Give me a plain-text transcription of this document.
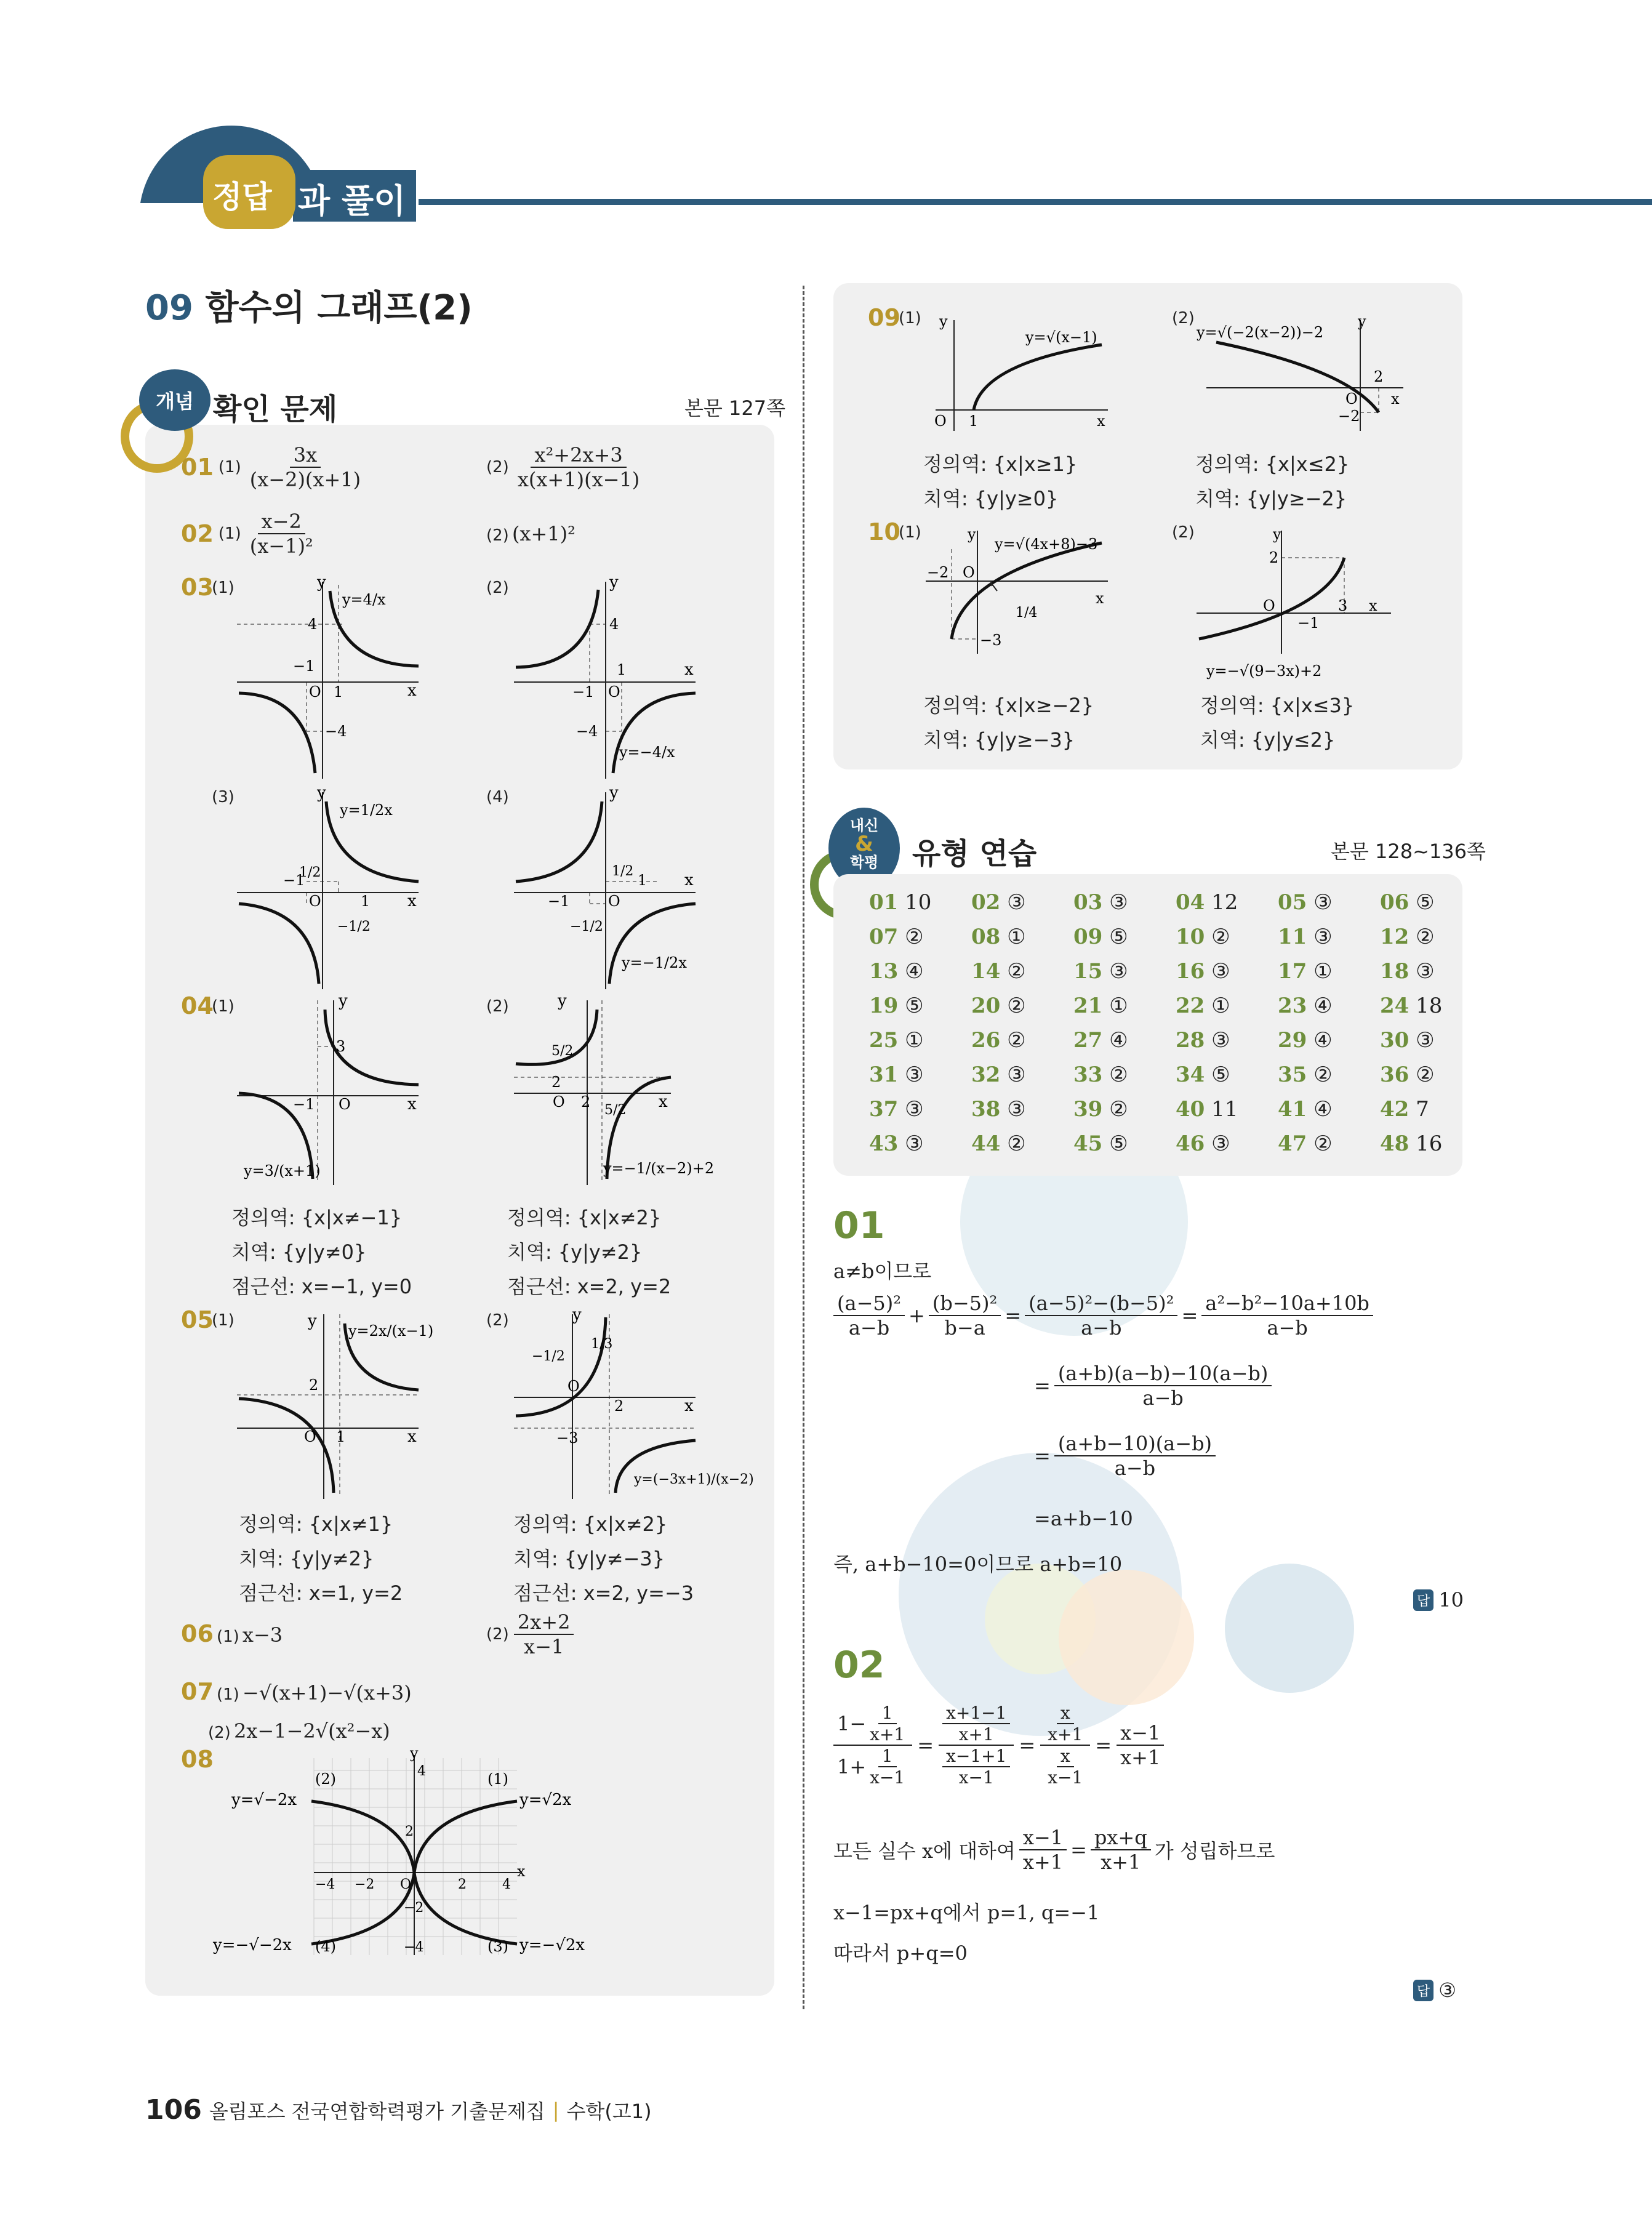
정답 과 풀이
09 함수의 그래프(2)
개념 확인 문제	본문 127쪽
01 $(1) \frac{3x}{(x-2)(x+1)}$	$(2) \frac{\text{x²+2x+3}}{x(x+1)(x-1)}$
02 $(1) \frac{x-2}{\text{(x−1)²}}$	(2) (x+1)²
03
(1)	(2)
(3)	(4)
y
x
y=4/x
4
−1
O 1
−4
y
x
y=−4/x
4
−1 O
1
−4
y
x
y=1/2x
1/2
−1
O	1
−1/2
y
x
y=−1/2x
1/2
−1	O
1
−1/2
04
(1)	(2)
y
x
3
−1 O
y=3/(x+1)
y
x
5/2
2
O 2 5/2
y=−1/(x−2)+2
정의역: {x|x≠−1}
치역: {y|y≠0}
점근선: x=−1, y=0
정의역: {x|x≠2}
치역: {y|y≠2}
점근선: x=2, y=2
05
(1)	(2)
y
x
y=2x/(x−1)
2
O 1
y
x
−1/2
1/3
O
2
−3
y=(−3x+1)/(x−2)
정의역: {x|x≠1}
치역: {y|y≠2}
점근선: x=1, y=2
정의역: {x|x≠2}
치역: {y|y≠−3}
점근선: x=2, y=−3
06 (1) x−3	$(2) \frac{2x+2}{x-1}$
07 (1) −√(x+1)−√(x+3)
(2) 2x−1−2√(x²−x)
08	y
x
(1)
(2)
(3)
(4)
y=√2x
y=√−2x
y=−√2x
y=−√−2x
−4 −2 O	2	4
4
2
−2
−4
09
(1)	(2)
y
x
y=√(x−1)
O 1
y
x
y=√(−2(x−2))−2
O
2
−2
정의역: {x|x≥1}
치역: {y|y≥0}
정의역: {x|x≤2}
치역: {y|y≥−2}
10
(1)	(2)
y
x
y=√(4x+8)−3
−2 O
1/4
−3
y
x
2
O
−1
3
y=−√(9−3x)+2
정의역: {x|x≥−2}
치역: {y|y≥−3}
정의역: {x|x≤3}
치역: {y|y≤2}
내신
&
학평	유형 연습	본문 128~136쪽
01 10	02 ③	03 ③	04 12	05 ③	06 ⑤
07 ②	08 ①	09 ⑤	10 ②	11 ③	12 ②
13 ④	14 ②	15 ③	16 ③	17 ①	18 ③
19 ⑤	20 ②	21 ①	22 ①	23 ④	24 18
25 ①	26 ②	27 ④	28 ③	29 ④	30 ③
31 ③	32 ③	33 ②	34 ⑤	35 ②	36 ②
37 ③	38 ③	39 ②	40 11	41 ④	42 7
43 ③	44 ②	45 ⑤	46 ③	47 ②	48 16
01
a≠b이므로
$\frac{\text{(a−5)²}}{a-b} + \frac{\text{(b−5)²}}{b-a} = \frac{\text{(a−5)²−(b−5)²}}{a-b} = \frac{\text{a²−b²−10a+10b}}{a-b}$
= $\frac{(a+b)(a-b)-10(a-b)}{a-b}$
= $\frac{(a+b-10)(a-b)}{a-b}$
=a+b−10
즉, a+b−10=0이므로 a+b=10
답 10
02
$\frac{1- \frac{1}{x+1}}{1+ \frac{1}{x-1}} = \frac{\frac{x+1-1}{x+1}}{\frac{x-1+1}{x-1}} = \frac{\frac{x}{x+1}}{\frac{x}{x-1}} = \frac{x-1}{x+1}$
모든 실수 x에 대하여 $\frac{x-1}{x+1} = \frac{px+q}{x+1}$ 가 성립하므로
x−1=px+q에서 p=1, q=−1
따라서 p+q=0
답 ③
106 올림포스 전국연합학력평가 기출문제집 | 수학(고1)
